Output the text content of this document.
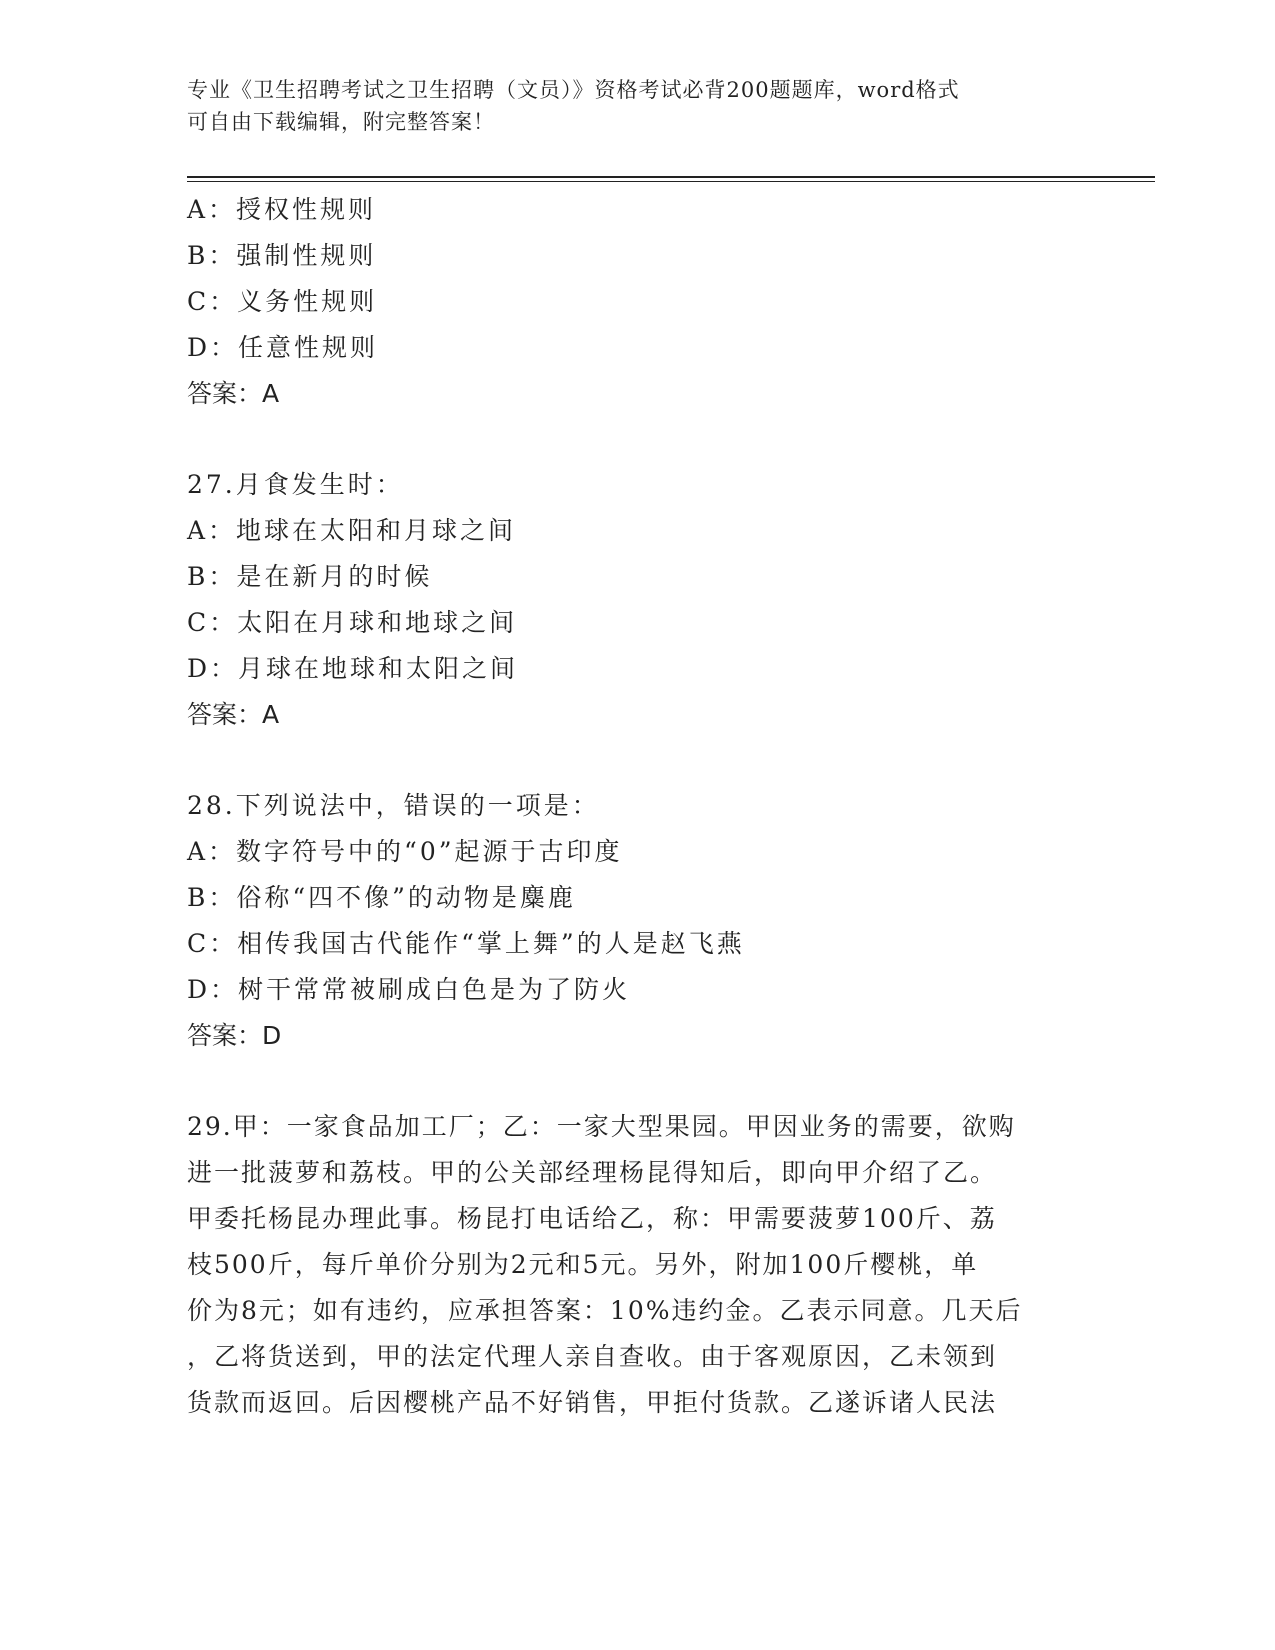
专业《卫生招聘考试之卫生招聘（文员）》资格考试必背200题题库，word格式
可自由下载编辑，附完整答案！
A：授权性规则
B：强制性规则
C：义务性规则
D：任意性规则
答案：A
27.月食发生时：
A：地球在太阳和月球之间
B：是在新月的时候
C：太阳在月球和地球之间
D：月球在地球和太阳之间
答案：A
28.下列说法中，错误的一项是：
A：数字符号中的“0”起源于古印度
B：俗称“四不像”的动物是麋鹿
C：相传我国古代能作“掌上舞”的人是赵飞燕
D：树干常常被刷成白色是为了防火
答案：D
29.甲：一家食品加工厂；乙：一家大型果园。甲因业务的需要，欲购
进一批菠萝和荔枝。甲的公关部经理杨昆得知后，即向甲介绍了乙。
甲委托杨昆办理此事。杨昆打电话给乙，称：甲需要菠萝100斤、荔
枝500斤，每斤单价分别为2元和5元。另外，附加100斤樱桃，单
价为8元；如有违约，应承担答案：10%违约金。乙表示同意。几天后
，乙将货送到，甲的法定代理人亲自查收。由于客观原因，乙未领到
货款而返回。后因樱桃产品不好销售，甲拒付货款。乙遂诉诸人民法
